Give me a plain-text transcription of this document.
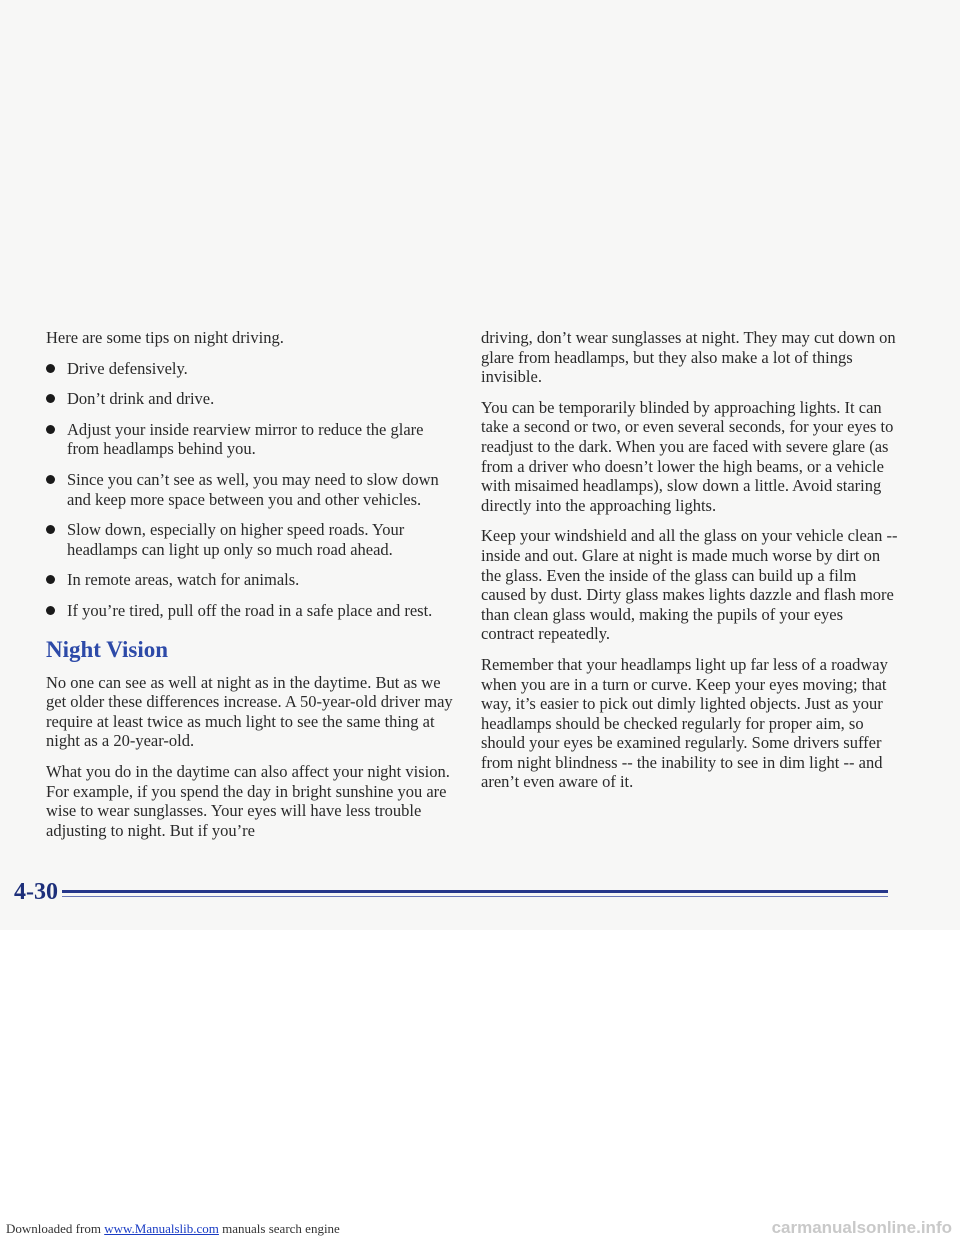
Here are some tips on night driving.

Drive defensively.
Don’t drink and drive.
Adjust your inside rearview mirror to reduce the glare from headlamps behind you.
Since you can’t see as well, you may need to slow down and keep more space between you and other vehicles.
Slow down, especially on higher speed roads. Your headlamps can light up only so much road ahead.
In remote areas, watch for animals.
If you’re tired, pull off the road in a safe place and rest.
Night Vision

No one can see as well at night as in the daytime. But as we get older these differences increase. A 50-year-old driver may require at least twice as much light to see the same thing at night as a 20-year-old.

What you do in the daytime can also affect your night vision. For example, if you spend the day in bright sunshine you are wise to wear sunglasses. Your eyes will have less trouble adjusting to night. But if you’re

driving, don’t wear sunglasses at night. They may cut down on glare from headlamps, but they also make a lot of things invisible.

You can be temporarily blinded by approaching lights. It can take a second or two, or even several seconds, for your eyes to readjust to the dark. When you are faced with severe glare (as from a driver who doesn’t lower the high beams, or a vehicle with misaimed headlamps), slow down a little. Avoid staring directly into the approaching lights.

Keep your windshield and all the glass on your vehicle clean -- inside and out. Glare at night is made much worse by dirt on the glass. Even the inside of the glass can build up a film caused by dust. Dirty glass makes lights dazzle and flash more than clean glass would, making the pupils of your eyes contract repeatedly.

Remember that your headlamps light up far less of a roadway when you are in a turn or curve. Keep your eyes moving; that way, it’s easier to pick out dimly lighted objects. Just as your headlamps should be checked regularly for proper aim, so should your eyes be examined regularly. Some drivers suffer from night blindness -- the inability to see in dim light -- and aren’t even aware of it.

4-30
Downloaded from www.Manualslib.com manuals search engine	carmanualsonline.info
